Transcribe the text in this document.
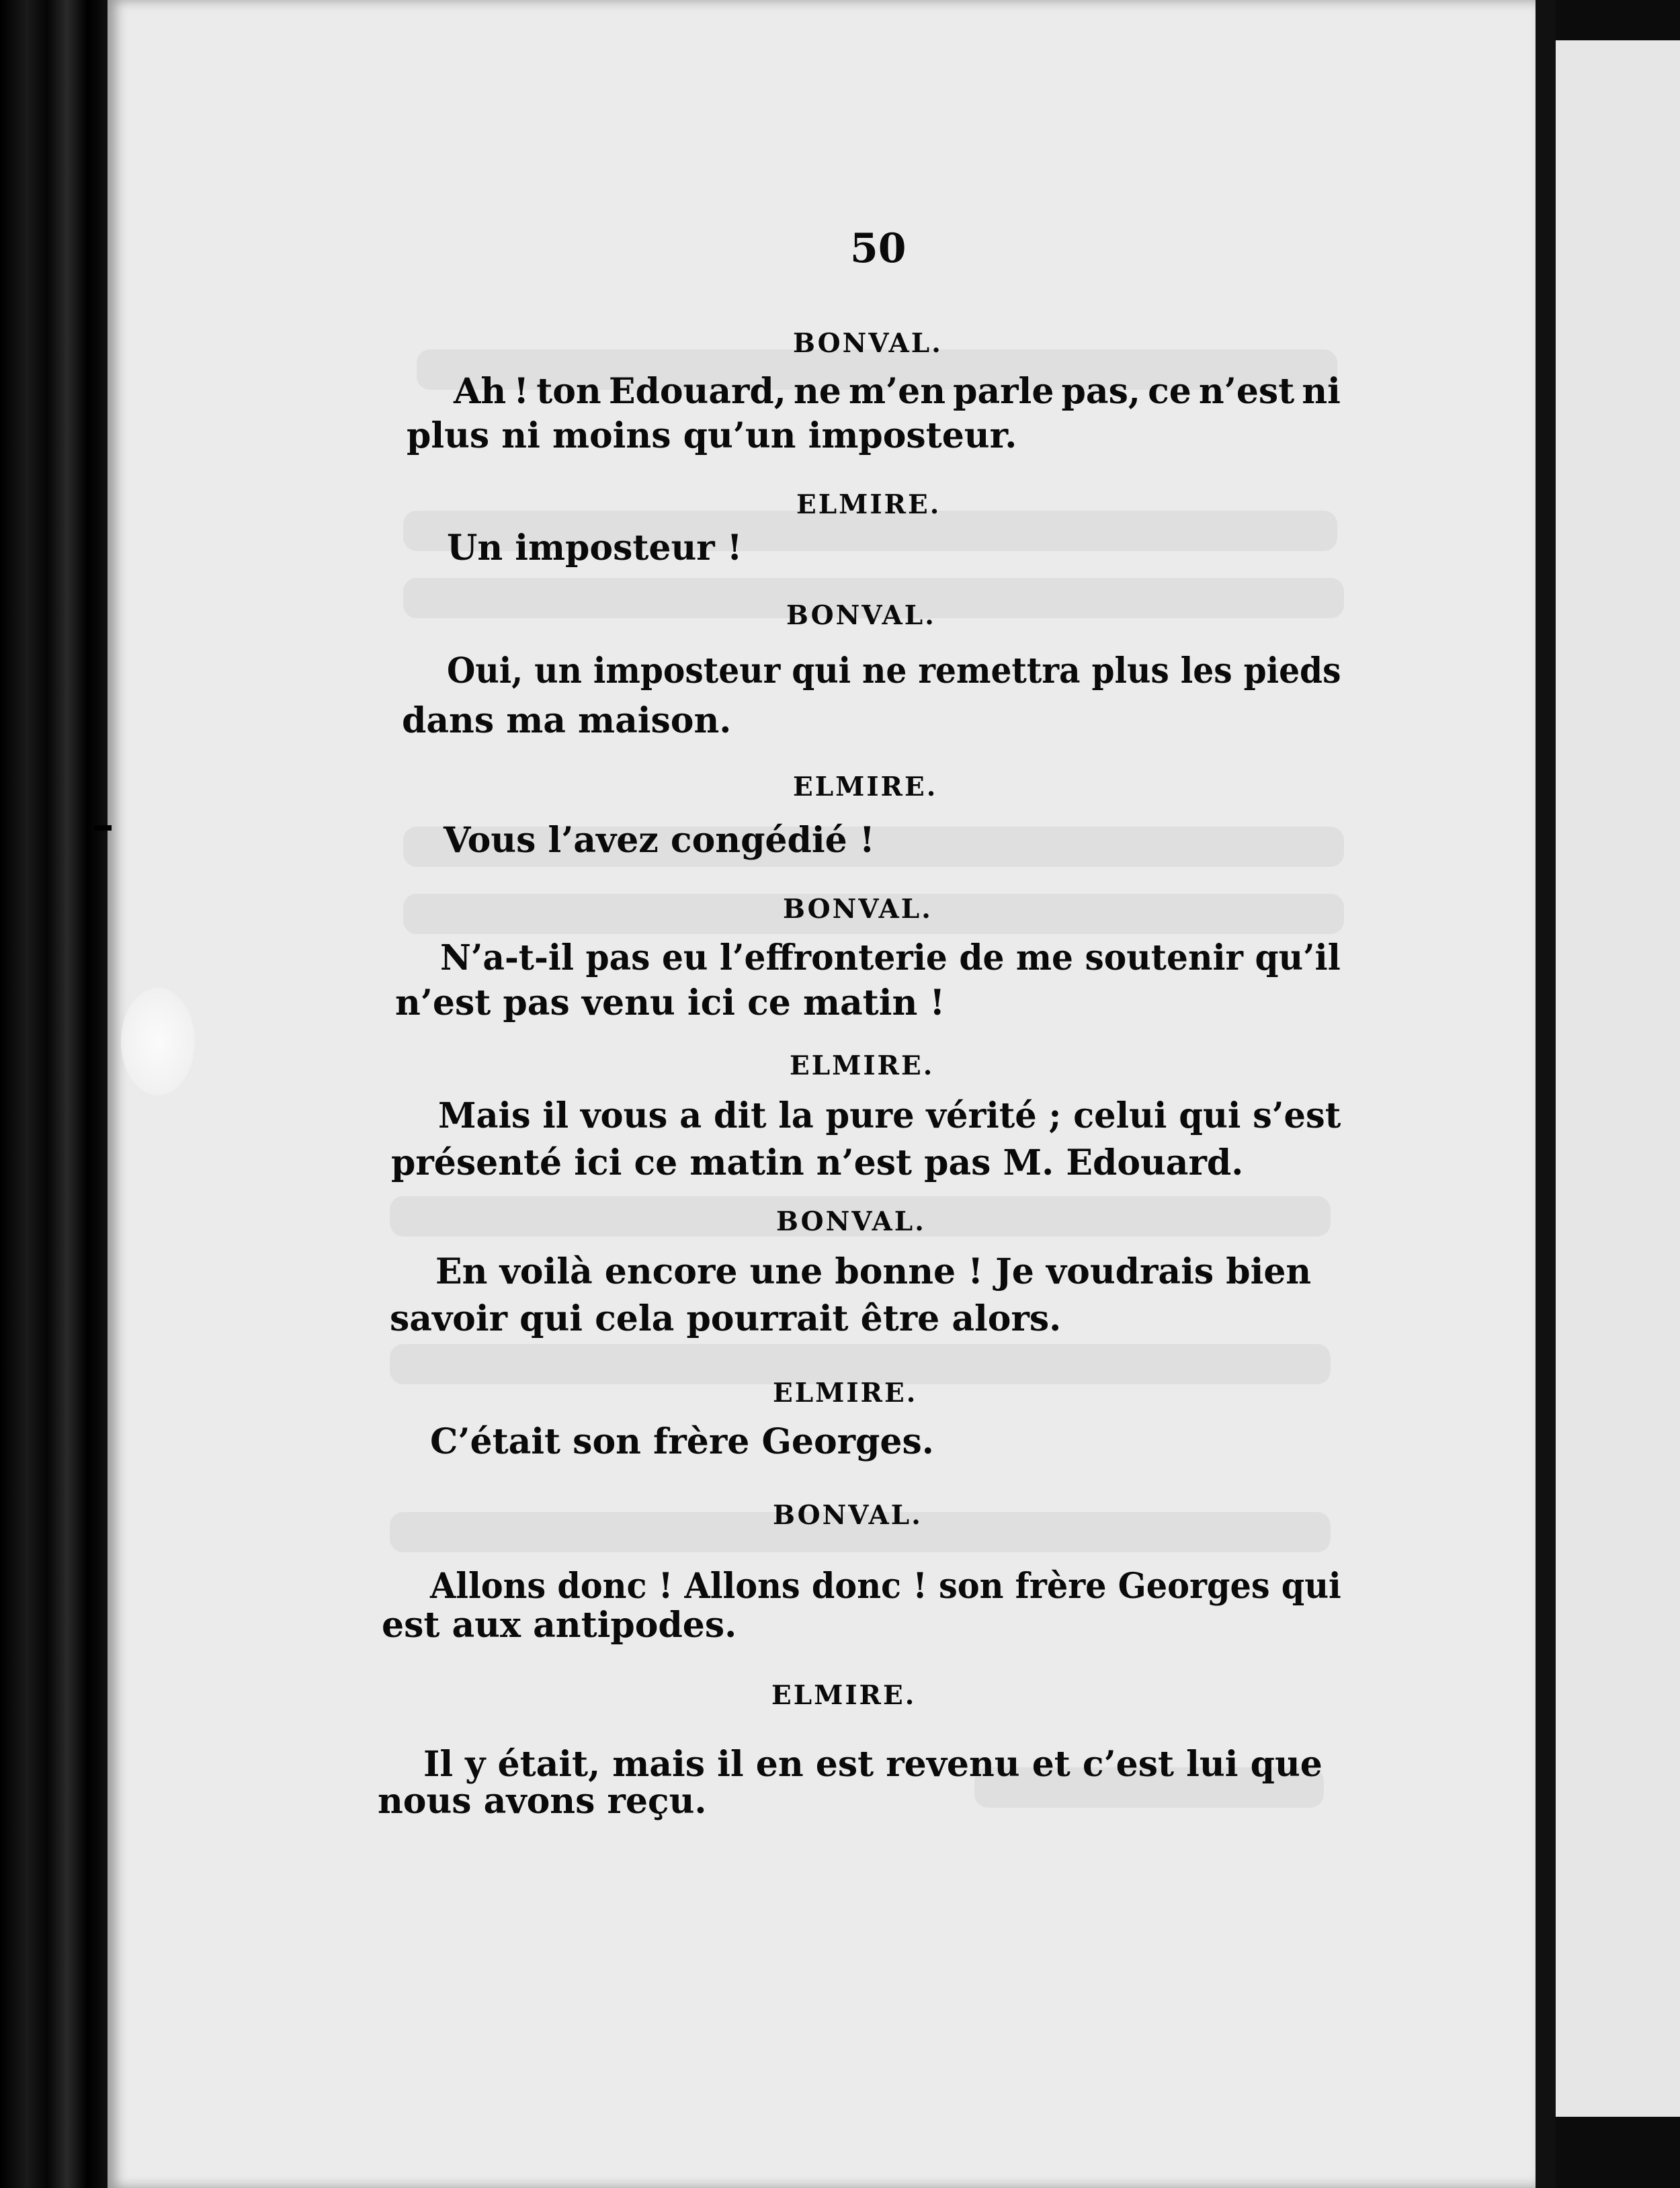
50
BONVAL.
Ah ! ton Edouard, ne m’en parle pas, ce n’est ni
plus ni moins qu’un imposteur.
ELMIRE.
Un imposteur !
BONVAL.
Oui, un imposteur qui ne remettra plus les pieds
dans ma maison.
ELMIRE.
Vous l’avez congédié !
BONVAL.
N’a-t-il pas eu l’effronterie de me soutenir qu’il
n’est pas venu ici ce matin !
ELMIRE.
Mais il vous a dit la pure vérité ; celui qui s’est
présenté ici ce matin n’est pas M. Edouard.
BONVAL.
En voilà encore une bonne ! Je voudrais bien
savoir qui cela pourrait être alors.
ELMIRE.
C’était son frère Georges.
BONVAL.
Allons donc ! Allons donc ! son frère Georges qui
est aux antipodes.
ELMIRE.
Il y était, mais il en est revenu et c’est lui que
nous avons reçu.
